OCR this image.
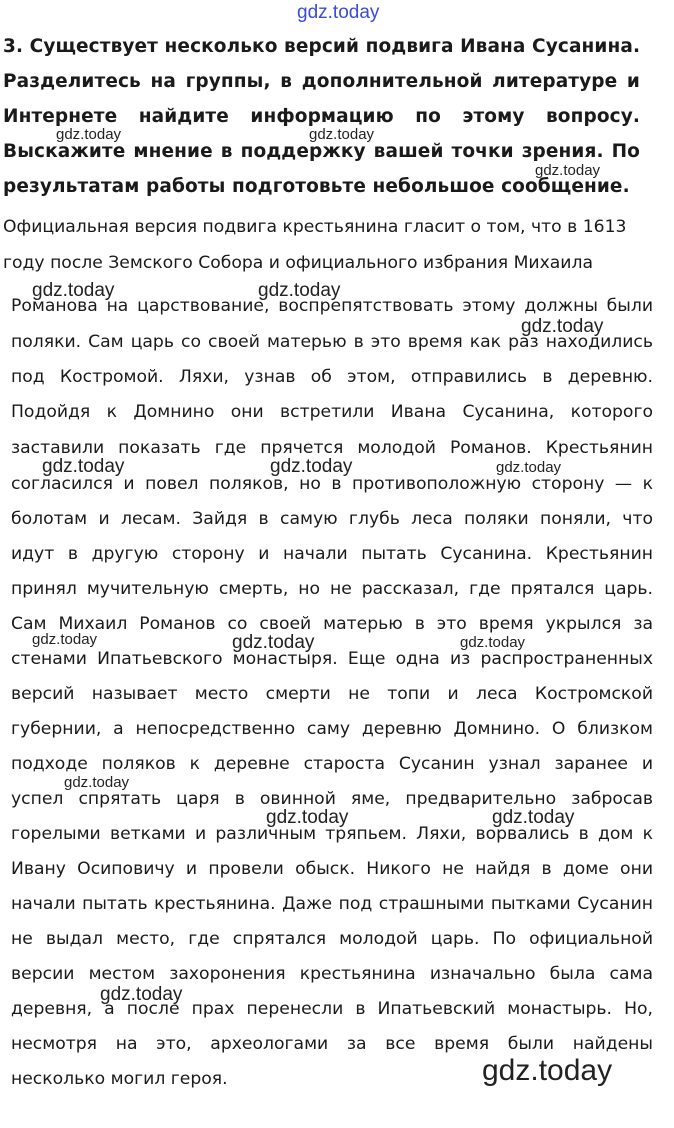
gdz.today
3. Существует несколько версий подвига Ивана Сусанина.
Разделитесь на группы, в дополнительной литературе и
Интернете найдите информацию по этому вопросу.
Выскажите мнение в поддержку вашей точки зрения. По
результатам работы подготовьте небольшое сообщение.
Официальная версия подвига крестьянина гласит о том, что в 1613
году после Земского Собора и официального избрания Михаила
Романова на царствование, воспрепятствовать этому должны были
поляки. Сам царь со своей матерью в это время как раз находились
под Костромой. Ляхи, узнав об этом, отправились в деревню.
Подойдя к Домнино они встретили Ивана Сусанина, которого
заставили показать где прячется молодой Романов. Крестьянин
согласился и повел поляков, но в противоположную сторону — к
болотам и лесам. Зайдя в самую глубь леса поляки поняли, что
идут в другую сторону и начали пытать Сусанина. Крестьянин
принял мучительную смерть, но не рассказал, где прятался царь.
Сам Михаил Романов со своей матерью в это время укрылся за
стенами Ипатьевского монастыря. Еще одна из распространенных
версий называет место смерти не топи и леса Костромской
губернии, а непосредственно саму деревню Домнино. О близком
подходе поляков к деревне староста Сусанин узнал заранее и
успел спрятать царя в овинной яме, предварительно забросав
горелыми ветками и различным тряпьем. Ляхи, ворвались в дом к
Ивану Осиповичу и провели обыск. Никого не найдя в доме они
начали пытать крестьянина. Даже под страшными пытками Сусанин
не выдал место, где спрятался молодой царь. По официальной
версии местом захоронения крестьянина изначально была сама
деревня, а после прах перенесли в Ипатьевский монастырь. Но,
несмотря на это, археологами за все время были найдены
несколько могил героя.
gdz.today	gdz.today
gdz.today
gdz.today	gdz.today
gdz.today
gdz.today	gdz.today	gdz.today
gdz.today	gdz.today	gdz.today
gdz.today
gdz.today	gdz.today
gdz.today
gdz.today
